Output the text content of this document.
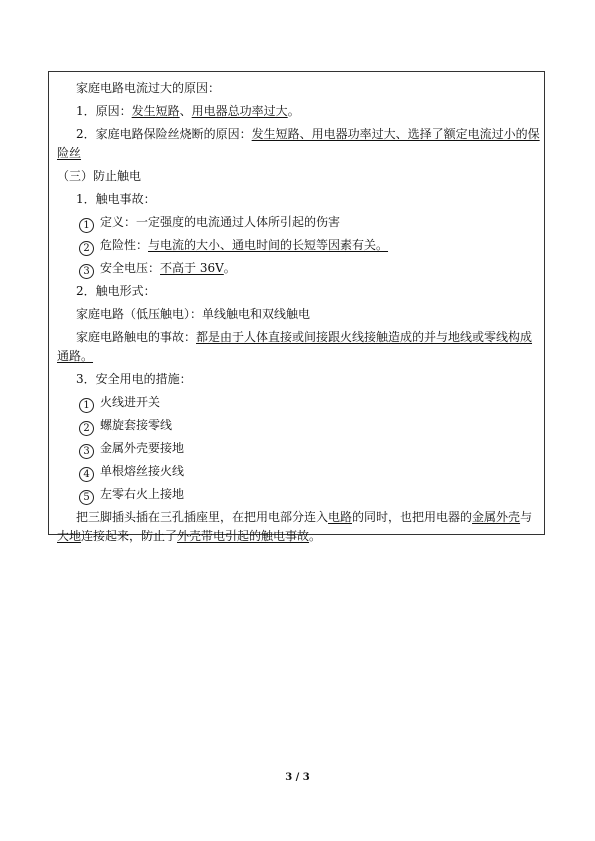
家庭电路电流过大的原因：
1．原因：发生短路、用电器总功率过大。
2．家庭电路保险丝烧断的原因：发生短路、用电器功率过大、选择了额定电流过小的保
险丝
（三）防止触电
1．触电事故：
1 定义：一定强度的电流通过人体所引起的伤害
2 危险性：与电流的大小、通电时间的长短等因素有关。
3 安全电压：不高于 36V。
2．触电形式：
家庭电路（低压触电）：单线触电和双线触电
家庭电路触电的事故：都是由于人体直接或间接跟火线接触造成的并与地线或零线构成
通路。
3．安全用电的措施：
1 火线进开关
2 螺旋套接零线
3 金属外壳要接地
4 单根熔丝接火线
5 左零右火上接地
把三脚插头插在三孔插座里，在把用电部分连入电路的同时，也把用电器的金属外壳与
大地连接起来，防止了外壳带电引起的触电事故。
3 / 3
